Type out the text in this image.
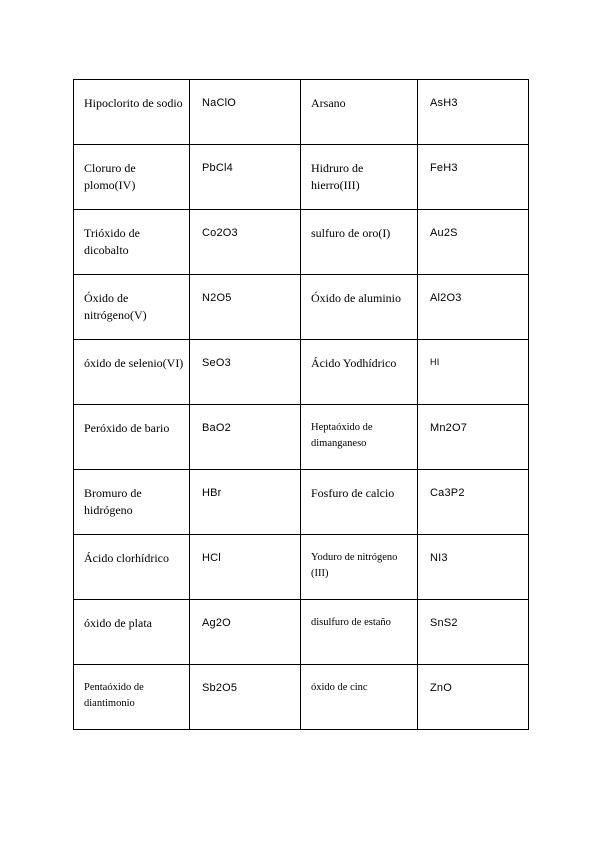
Hipoclorito de sodio	NaClO	Arsano	AsH3
Cloruro de plomo(IV)	PbCl4	Hidruro de hierro(III)	FeH3
Trióxido de dicobalto	Co2O3	sulfuro de oro(I)	Au2S
Óxido de nitrógeno(V)	N2O5	Óxido de aluminio	Al2O3
óxido de selenio(VI)	SeO3	Ácido Yodhídrico	HI
Peróxido de bario	BaO2	Heptaóxido de dimanganeso	Mn2O7
Bromuro de hidrógeno	HBr	Fosfuro de calcio	Ca3P2
Ácido clorhídrico	HCl	Yoduro de nitrógeno (III)	NI3
óxido de plata	Ag2O	disulfuro de estaño	SnS2
Pentaóxido de diantimonio	Sb2O5	óxido de cinc	ZnO
